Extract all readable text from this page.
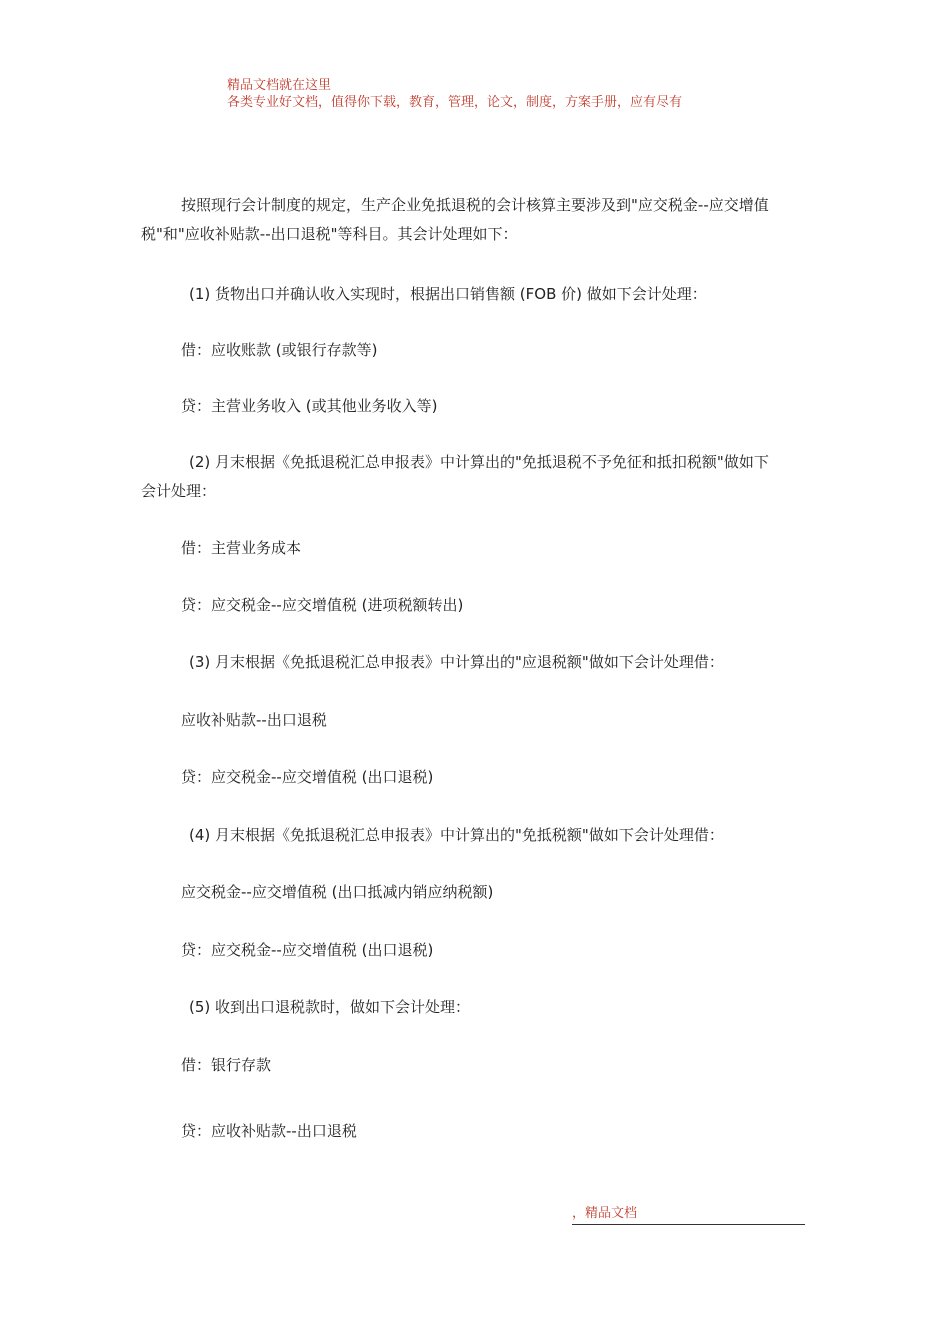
精品文档就在这里
各类专业好文档，值得你下载，教育，管理，论文，制度，方案手册，应有尽有
按照现行会计制度的规定，生产企业免抵退税的会计核算主要涉及到"应交税金--应交增值税"和"应收补贴款--出口退税"等科目。其会计处理如下：
(1) 货物出口并确认收入实现时，根据出口销售额 (FOB 价) 做如下会计处理：
借：应收账款 (或银行存款等)
贷：主营业务收入 (或其他业务收入等)
(2) 月末根据《免抵退税汇总申报表》中计算出的"免抵退税不予免征和抵扣税额"做如下会计处理：
借：主营业务成本
贷：应交税金--应交增值税 (进项税额转出)
(3) 月末根据《免抵退税汇总申报表》中计算出的"应退税额"做如下会计处理借：
应收补贴款--出口退税
贷：应交税金--应交增值税 (出口退税)
(4) 月末根据《免抵退税汇总申报表》中计算出的"免抵税额"做如下会计处理借：
应交税金--应交增值税 (出口抵减内销应纳税额)
贷：应交税金--应交增值税 (出口退税)
(5) 收到出口退税款时，做如下会计处理：
借：银行存款
贷：应收补贴款--出口退税
，精品文档
